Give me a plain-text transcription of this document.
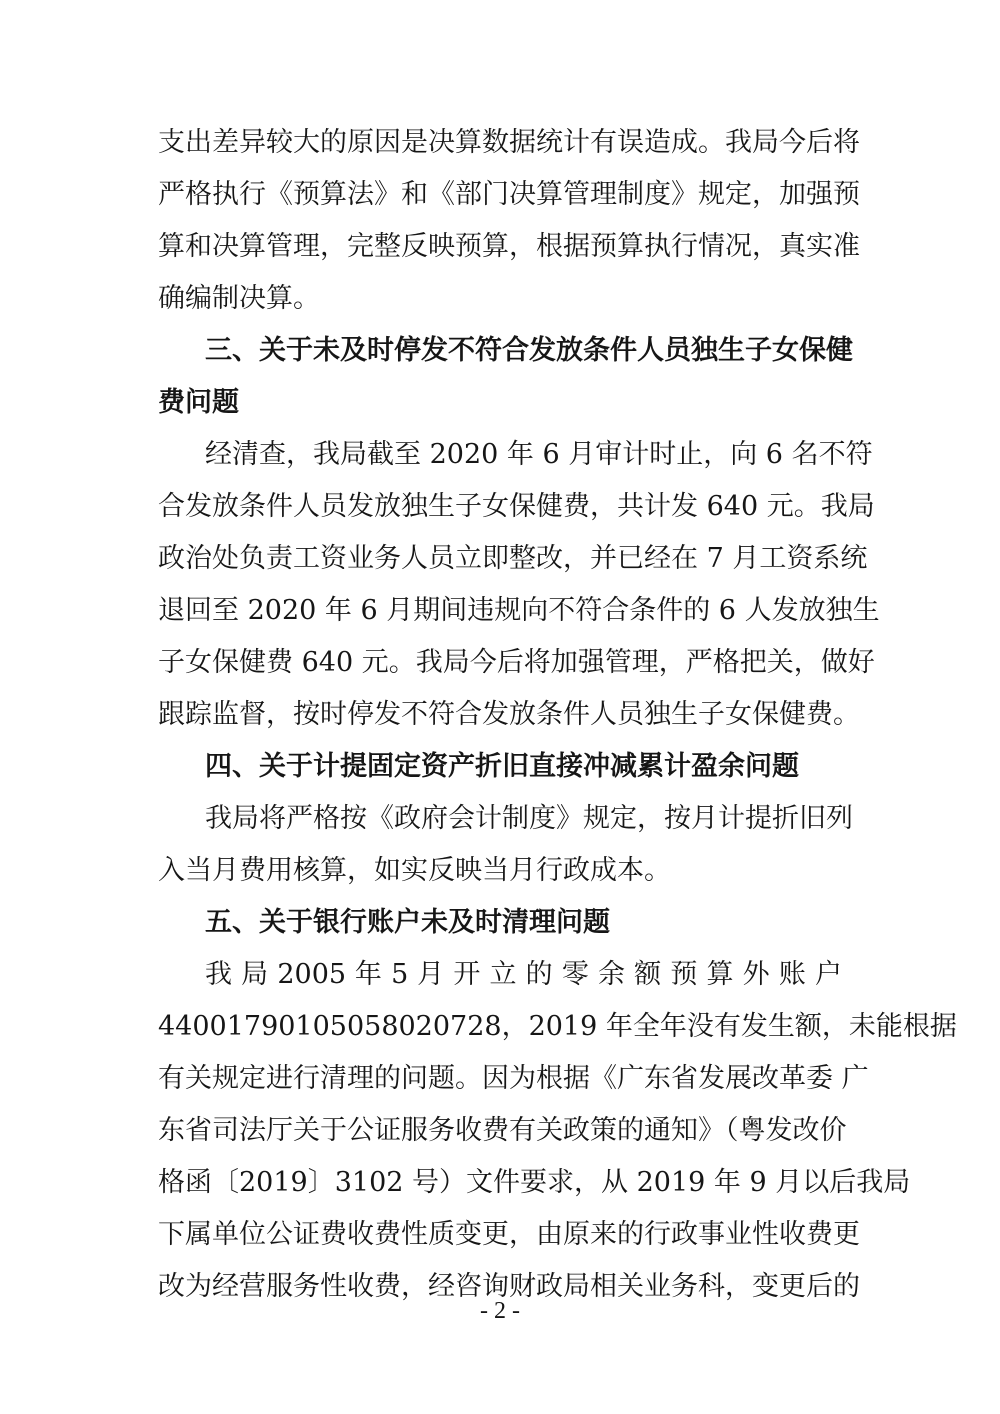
支出差异较大的原因是决算数据统计有误造成。我局今后将
严格执行《预算法》和《部门决算管理制度》规定，加强预
算和决算管理，完整反映预算，根据预算执行情况，真实准
确编制决算。
三、关于未及时停发不符合发放条件人员独生子女保健
费问题
经清查，我局截至 2020 年 6 月审计时止，向 6 名不符
合发放条件人员发放独生子女保健费，共计发 640 元。我局
政治处负责工资业务人员立即整改，并已经在 7 月工资系统
退回至 2020 年 6 月期间违规向不符合条件的 6 人发放独生
子女保健费 640 元。我局今后将加强管理，严格把关，做好
跟踪监督，按时停发不符合发放条件人员独生子女保健费。
四、关于计提固定资产折旧直接冲减累计盈余问题
我局将严格按《政府会计制度》规定，按月计提折旧列
入当月费用核算，如实反映当月行政成本。
五、关于银行账户未及时清理问题
我 局 2005 年 5 月 开 立 的 零 余 额 预 算 外 账 户
44001790105058020728，2019 年全年没有发生额，未能根据
有关规定进行清理的问题。因为根据《广东省发展改革委 广
东省司法厅关于公证服务收费有关政策的通知》（粤发改价
格函〔2019〕3102 号）文件要求，从 2019 年 9 月以后我局
下属单位公证费收费性质变更，由原来的行政事业性收费更
改为经营服务性收费，经咨询财政局相关业务科，变更后的
- 2 -
